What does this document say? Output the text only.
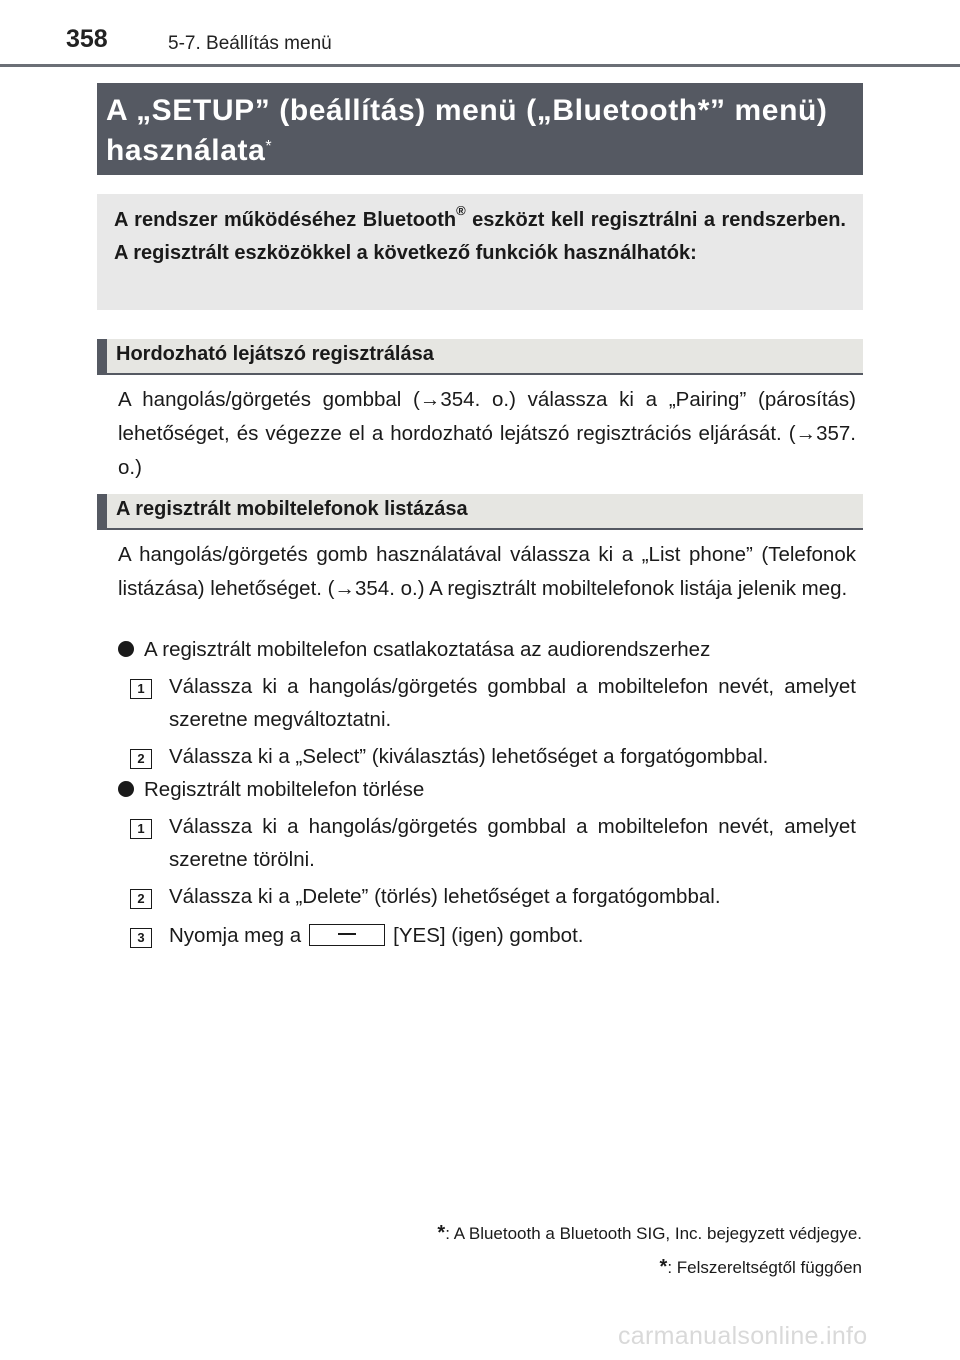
358	5-7. Beállítás menü
A „SETUP” (beállítás) menü („Bluetooth*” menü) használata*
A rendszer működéséhez Bluetooth® eszközt kell regisztrálni a rendszerben. A regisztrált eszközökkel a következő funkciók használhatók:
Hordozható lejátszó regisztrálása
A hangolás/görgetés gombbal (→354. o.) válassza ki a „Pairing” (párosítás) lehetőséget, és végezze el a hordozható lejátszó regisztrációs eljárását. (→357. o.)
A regisztrált mobiltelefonok listázása
A hangolás/görgetés gomb használatával válassza ki a „List phone” (Telefonok listázása) lehetőséget. (→354. o.) A regisztrált mobiltelefonok listája jelenik meg.
A regisztrált mobiltelefon csatlakoztatása az audiorendszerhez
1	Válassza ki a hangolás/görgetés gombbal a mobiltelefon nevét, amelyet szeretne megváltoztatni.
2	Válassza ki a „Select” (kiválasztás) lehetőséget a forgatógombbal.
Regisztrált mobiltelefon törlése
1	Válassza ki a hangolás/görgetés gombbal a mobiltelefon nevét, amelyet szeretne törölni.
2	Válassza ki a „Delete” (törlés) lehetőséget a forgatógombbal.
3	Nyomja meg a	[YES] (igen) gombot.
*: A Bluetooth a Bluetooth SIG, Inc. bejegyzett védjegye.
*: Felszereltségtől függően
carmanualsonline.info
